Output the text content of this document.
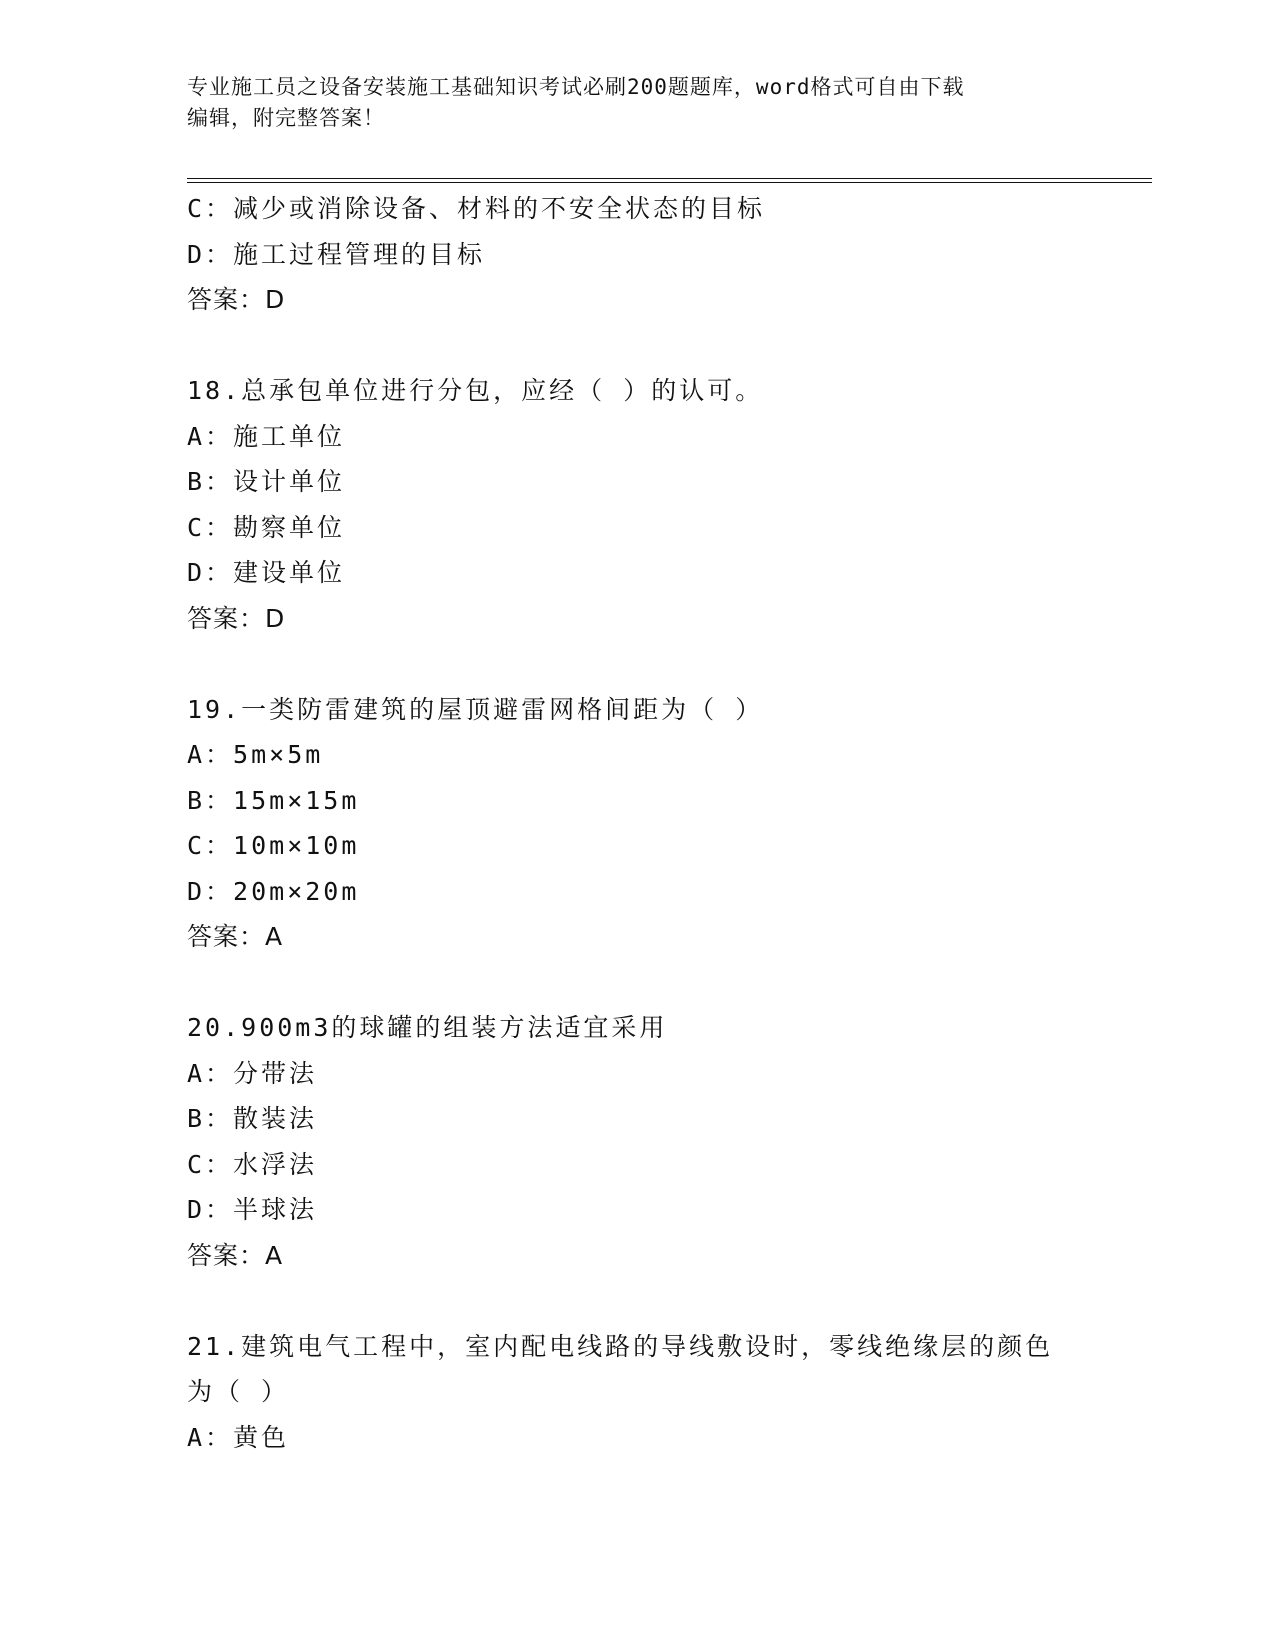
专业施工员之设备安装施工基础知识考试必刷200题题库，word格式可自由下载
编辑，附完整答案！
C：减少或消除设备、材料的不安全状态的目标
D：施工过程管理的目标
答案：D
18.总承包单位进行分包，应经（ ）的认可。
A：施工单位
B：设计单位
C：勘察单位
D：建设单位
答案：D
19.一类防雷建筑的屋顶避雷网格间距为（ ）
A：5m×5m
B：15m×15m
C：10m×10m
D：20m×20m
答案：A
20.900m3的球罐的组装方法适宜采用
A：分带法
B：散装法
C：水浮法
D：半球法
答案：A
21.建筑电气工程中，室内配电线路的导线敷设时，零线绝缘层的颜色
为（ ）
A：黄色
